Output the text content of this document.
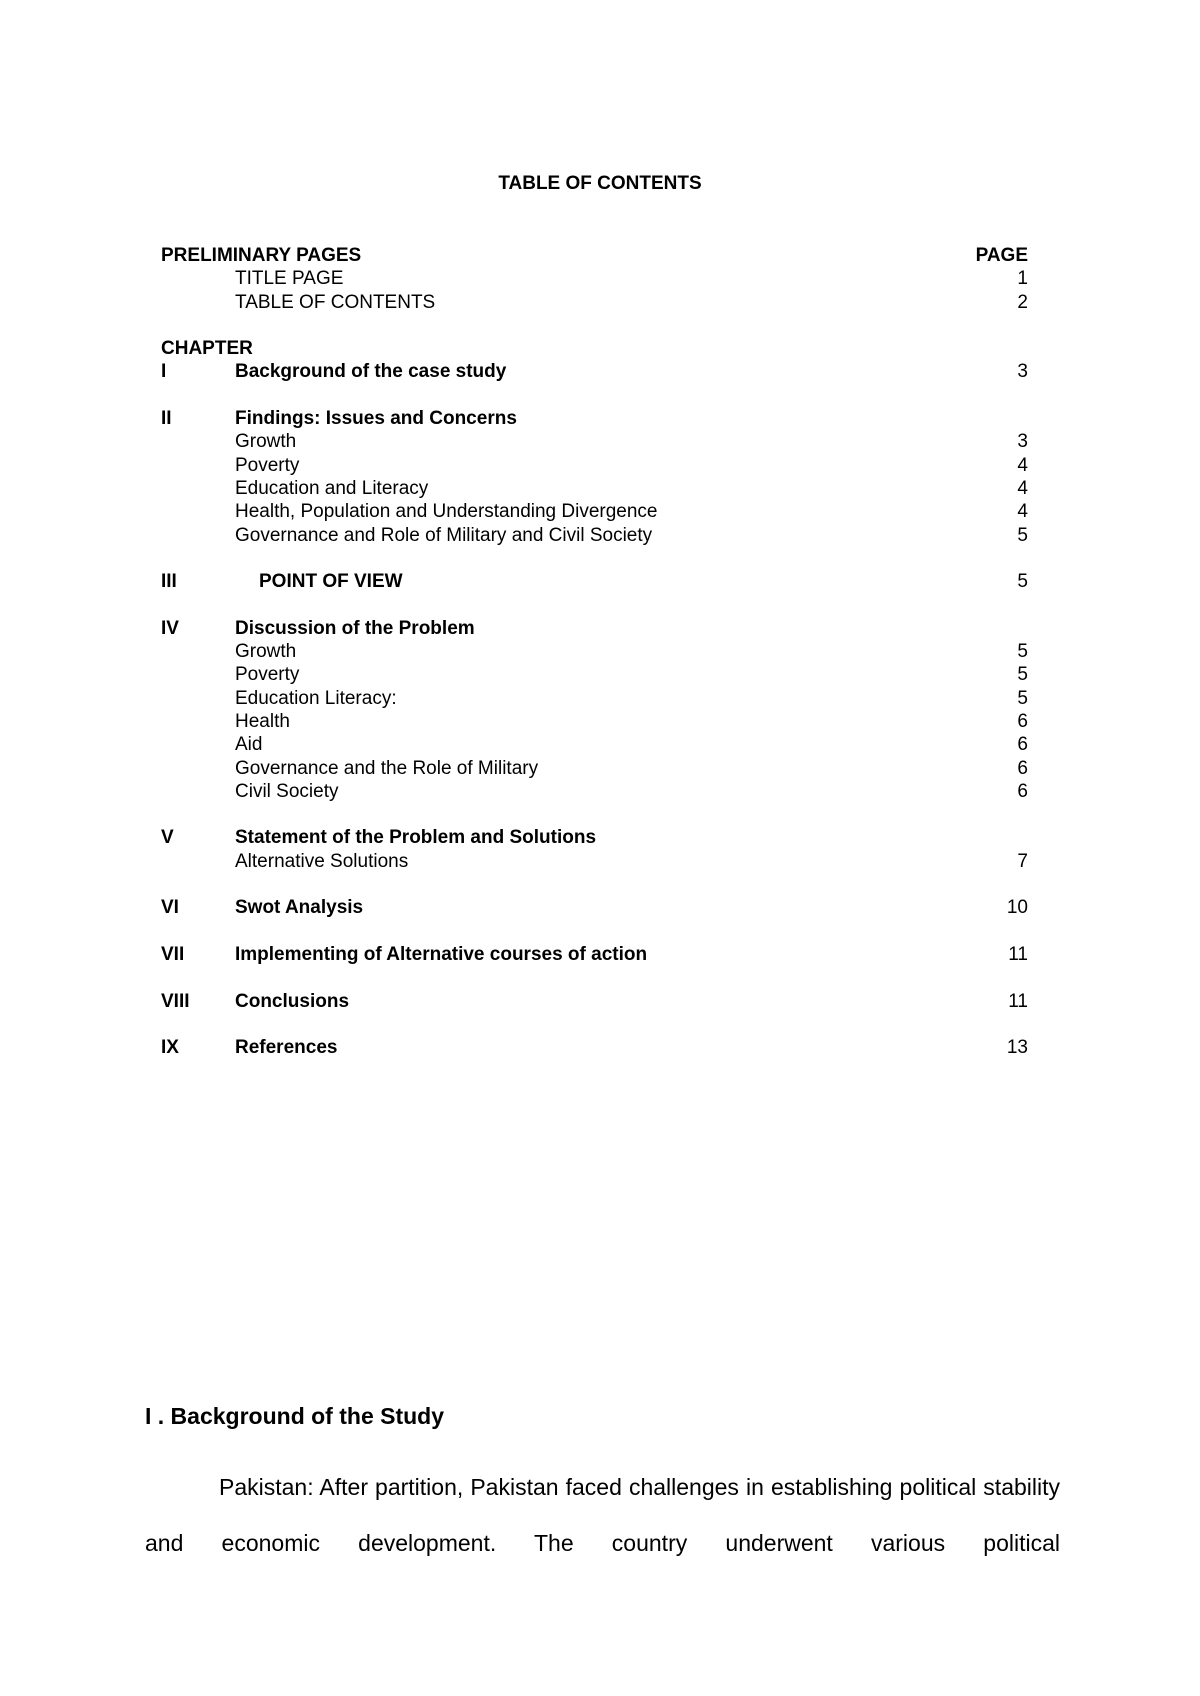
TABLE OF CONTENTS
PRELIMINARY PAGES	PAGE
TITLE PAGE	1
TABLE OF CONTENTS	2
CHAPTER
I	Background of the case study	3
II	Findings: Issues and Concerns
Growth	3
Poverty	4
Education and Literacy	4
Health, Population and Understanding Divergence	4
Governance and Role of Military and Civil Society	5
III	POINT OF VIEW	5
IV	Discussion of the Problem
Growth	5
Poverty	5
Education Literacy:	5
Health	6
Aid	6
Governance and the Role of Military	6
Civil Society	6
V	Statement of the Problem and Solutions
Alternative Solutions	7
VI	Swot Analysis	10
VII	Implementing of Alternative courses of action	11
VIII Conclusions	11
IX	References	13
I . Background of the Study

Pakistan: After partition, Pakistan faced challenges in establishing political stability and economic development. The country underwent various political
